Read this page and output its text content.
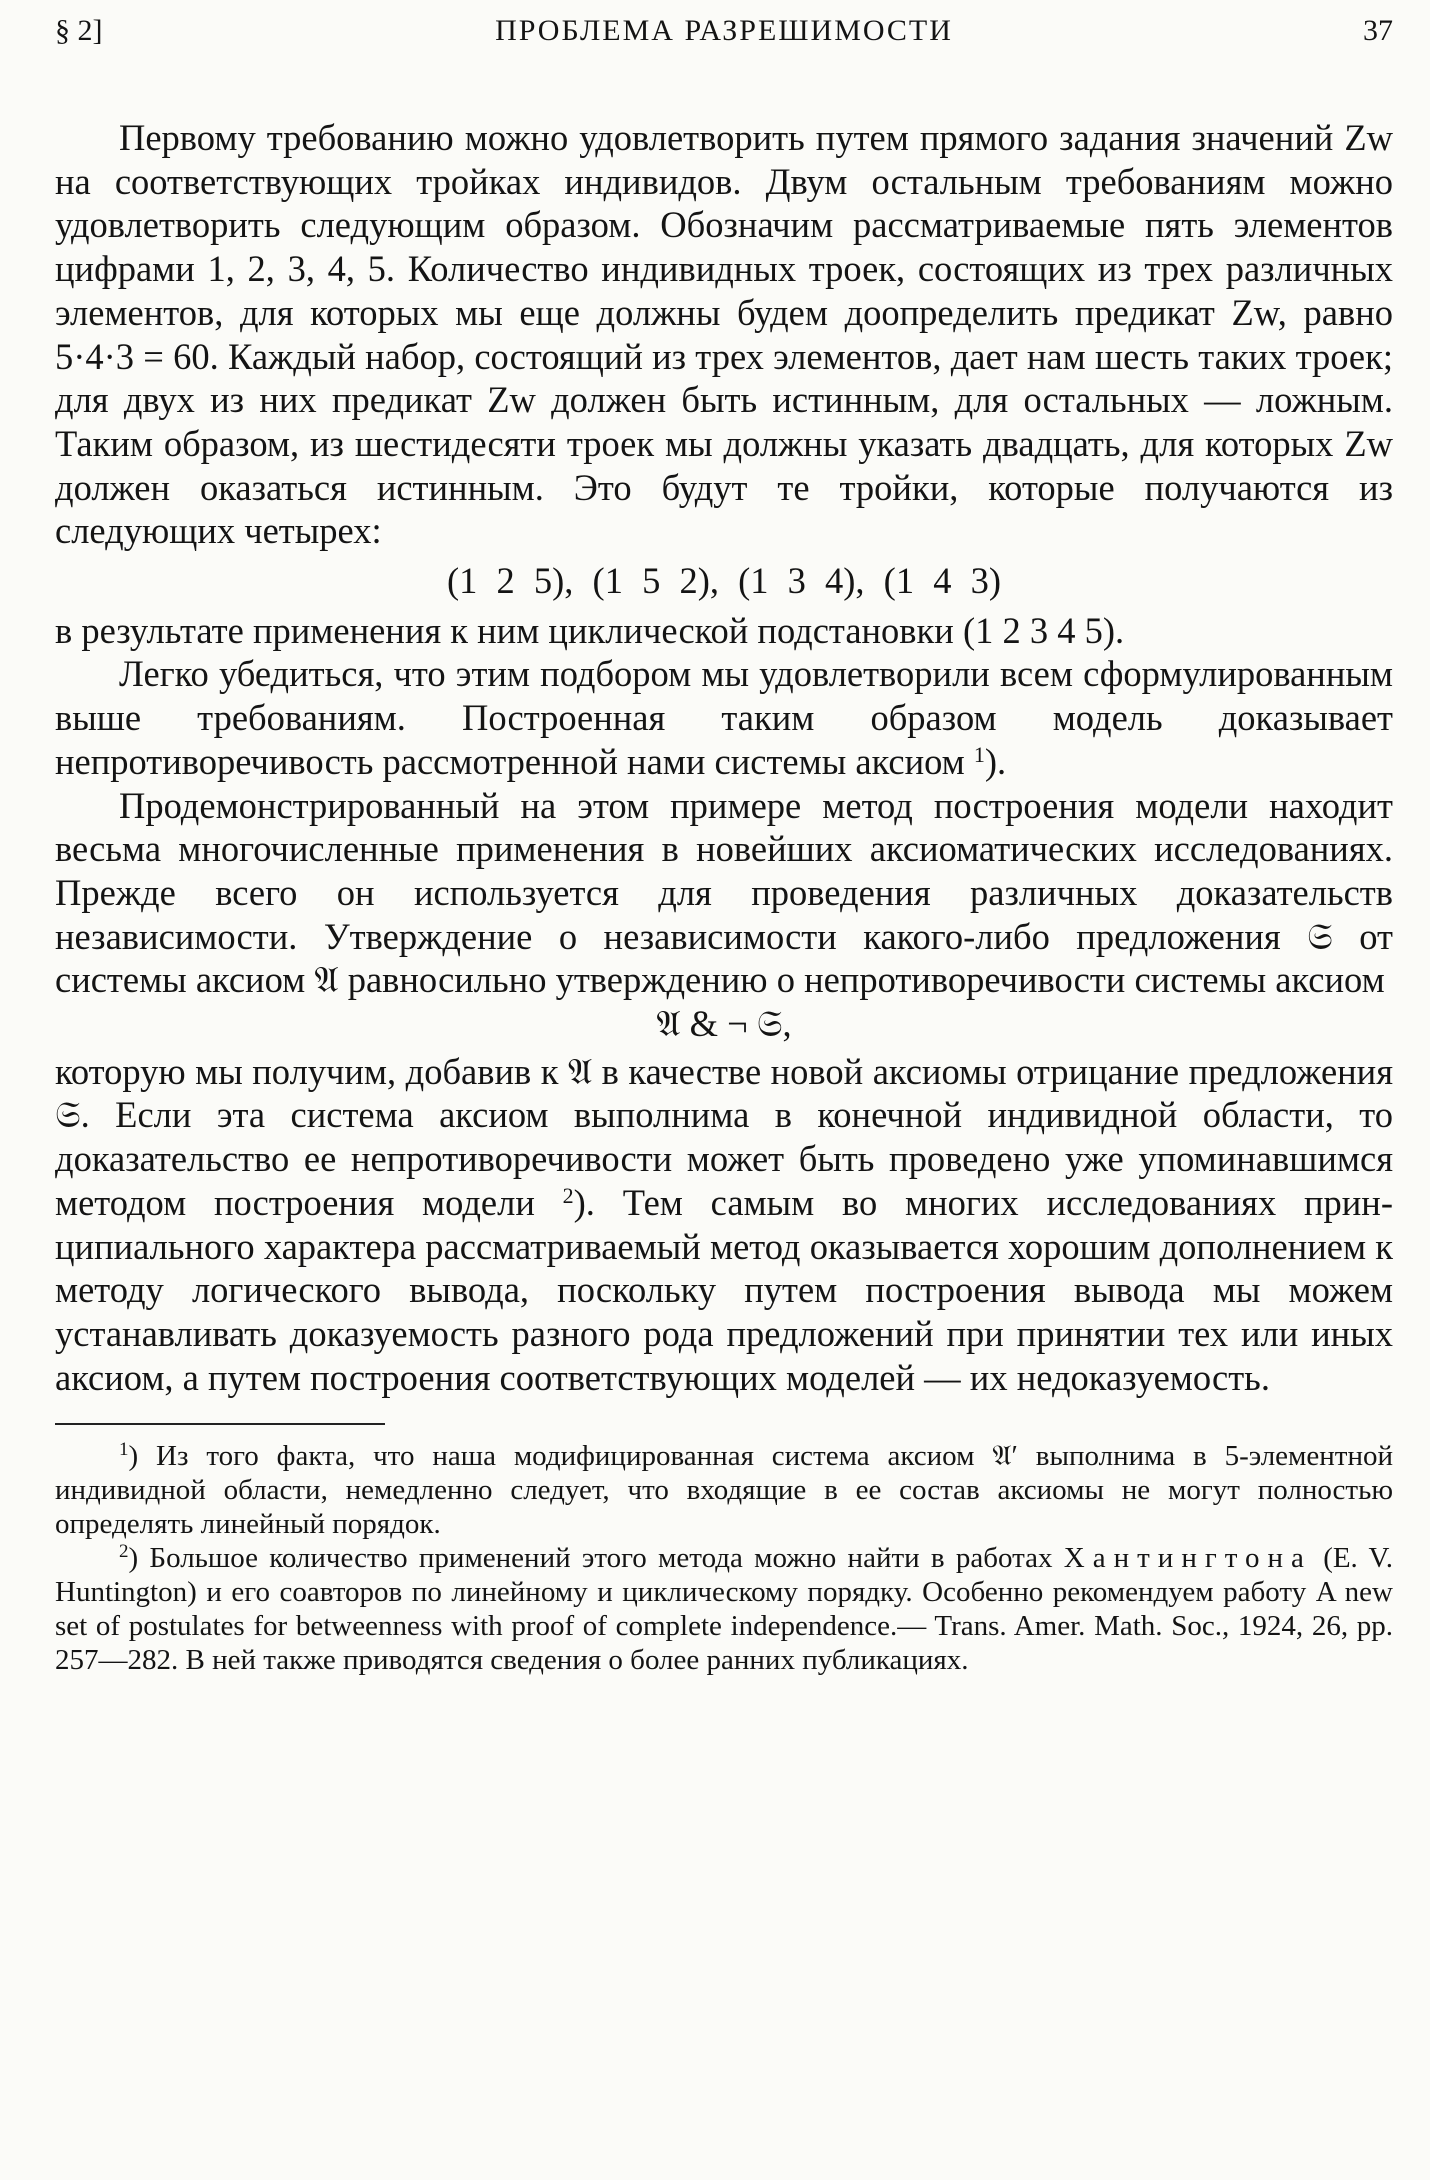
§ 2]	ПРОБЛЕМА РАЗРЕШИМОСТИ	37

Первому требованию можно удовлетворить путем прямого задания значений Zw на соответствующих тройках индивидов. Двум остальным требованиям можно удовлетворить следующим образом. Обозначим рассматриваемые пять элементов цифрами 1, 2, 3, 4, 5. Количество индивидных троек, состоящих из трех различных элементов, для которых мы еще должны будем доопределить предикат Zw, равно 5·4·3 = 60. Каждый набор, состоящий из трех элементов, дает нам шесть таких троек; для двух из них предикат Zw должен быть истинным, для остальных — ложным. Таким образом, из шестидесяти троек мы должны указать двадцать, для которых Zw должен оказаться истинным. Это будут те тройки, которые получаются из следующих четырех:

(1 2 5), (1 5 2), (1 3 4), (1 4 3)

в результате применения к ним циклической подстановки (1 2 3 4 5).

Легко убедиться, что этим подбором мы удовлетворили всем сформулированным выше требованиям. Построенная таким образом модель доказывает непротиворечивость рассмотренной нами системы аксиом $^1$).

Продемонстрированный на этом примере метод построения модели находит весьма многочисленные применения в новейших аксиоматических исследованиях. Прежде всего он используется для проведения различных доказательств независимости. Утверждение о независимости какого-либо предложения 𝔖 от системы аксиом 𝔄 равносильно утверждению о непротиворечивости системы аксиом

𝔄 & ¬ 𝔖,

которую мы получим, добавив к 𝔄 в качестве новой аксиомы отрицание предложения 𝔖. Если эта система аксиом выполнима в конечной индивидной области, то доказательство ее непротиворечивости может быть проведено уже упоминавшимся методом построения модели $^2$). Тем самым во многих исследованиях принципиального характера рассматриваемый метод оказывается хорошим дополнением к методу логического вывода, поскольку путем построения вывода мы можем устанавливать доказуемость разного рода предложений при принятии тех или иных аксиом, а путем построения соответствующих моделей — их недоказуемость.

$^1$) Из того факта, что наша модифицированная система аксиом 𝔄′ выполнима в 5-элементной индивидной области, немедленно следует, что входящие в ее состав аксиомы не могут полностью определять линейный порядок.

$^2$) Большое количество применений этого метода можно найти в работах Хантингтона (E. V. Huntington) и его соавторов по линейному и циклическому порядку. Особенно рекомендуем работу A new set of postulates for betweenness with proof of complete independence.— Trans. Amer. Math. Soc., 1924, 26, pp. 257—282. В ней также приводятся сведения о более ранних публикациях.
